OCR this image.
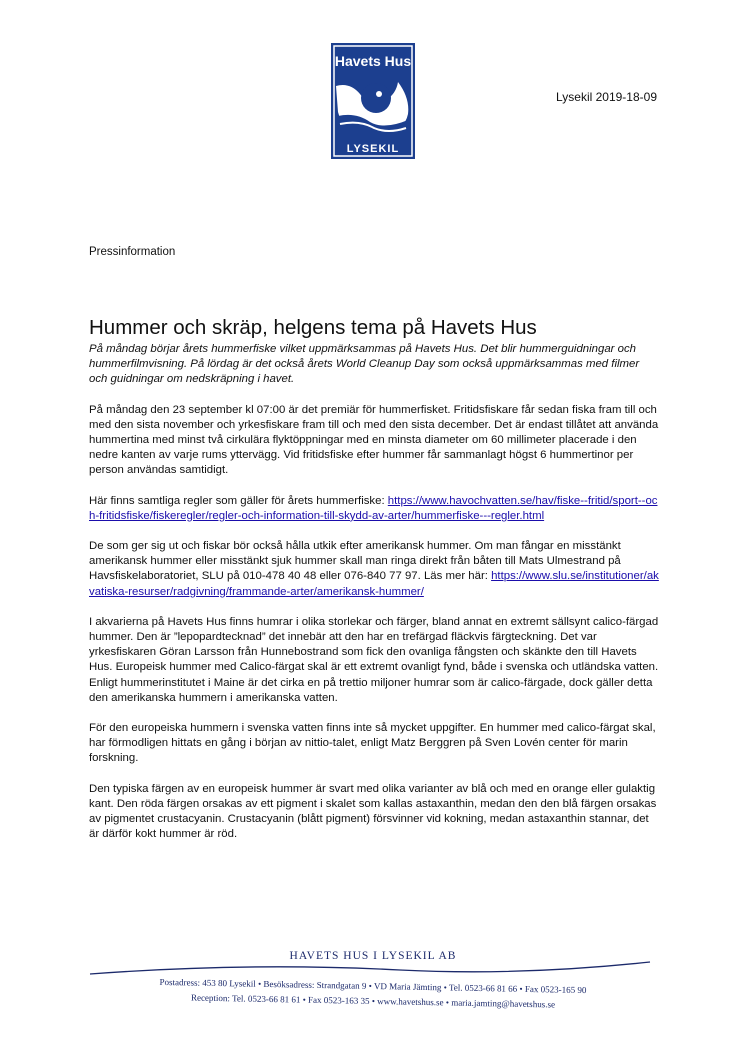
Havets Hus
LYSEKIL
Lysekil 2019-18-09
Pressinformation
Hummer och skräp, helgens tema på Havets Hus

På måndag börjar årets hummerfiske vilket uppmärksammas på Havets Hus. Det blir hummerguidningar och hummerfilmvisning. På lördag är det också årets World Cleanup Day som också uppmärksammas med filmer och guidningar om nedskräpning i havet.

På måndag den 23 september kl 07:00 är det premiär för hummerfisket. Fritidsfiskare får sedan fiska fram till och med den sista november och yrkesfiskare fram till och med den sista december. Det är endast tillåtet att använda hummertina med minst två cirkulära flyktöppningar med en minsta diameter om 60 millimeter placerade i den nedre kanten av varje rums yttervägg. Vid fritidsfiske efter hummer får sammanlagt högst 6 hummertinor per person användas samtidigt.

Här finns samtliga regler som gäller för årets hummerfiske: https://www.havochvatten.se/hav/fiske--fritid/sport--och-fritidsfiske/fiskeregler/regler-och-information-till-skydd-av-arter/hummerfiske---regler.html

De som ger sig ut och fiskar bör också hålla utkik efter amerikansk hummer. Om man fångar en misstänkt amerikansk hummer eller misstänkt sjuk hummer skall man ringa direkt från båten till Mats Ulmestrand på Havsfiskelaboratoriet, SLU på 010-478 40 48 eller 076-840 77 97. Läs mer här: https://www.slu.se/institutioner/akvatiska-resurser/radgivning/frammande-arter/amerikansk-hummer/

I akvarierna på Havets Hus finns humrar i olika storlekar och färger, bland annat en extremt sällsynt calico-färgad hummer. Den är ”lepopardtecknad” det innebär att den har en trefärgad fläckvis färgteckning. Det var yrkesfiskaren Göran Larsson från Hunnebostrand som fick den ovanliga fångsten och skänkte den till Havets Hus. Europeisk hummer med Calico-färgat skal är ett extremt ovanligt fynd, både i svenska och utländska vatten. Enligt hummerinstitutet i Maine är det cirka en på trettio miljoner humrar som är calico-färgade, dock gäller detta den amerikanska hummern i amerikanska vatten.

För den europeiska hummern i svenska vatten finns inte så mycket uppgifter. En hummer med calico-färgat skal, har förmodligen hittats en gång i början av nittio-talet, enligt Matz Berggren på Sven Lovén center för marin forskning.

Den typiska färgen av en europeisk hummer är svart med olika varianter av blå och med en orange eller gulaktig kant. Den röda färgen orsakas av ett pigment i skalet som kallas astaxanthin, medan den den blå färgen orsakas av pigmentet crustacyanin. Crustacyanin (blått pigment) försvinner vid kokning, medan astaxanthin stannar, det är därför kokt hummer är röd.

HAVETS HUS I LYSEKIL AB
Postadress: 453 80 Lysekil • Besöksadress: Strandgatan 9 • VD Maria Jämting • Tel. 0523-66 81 66 • Fax 0523-165 90
Reception: Tel. 0523-66 81 61 • Fax 0523-163 35 • www.havetshus.se • maria.jamting@havetshus.se
